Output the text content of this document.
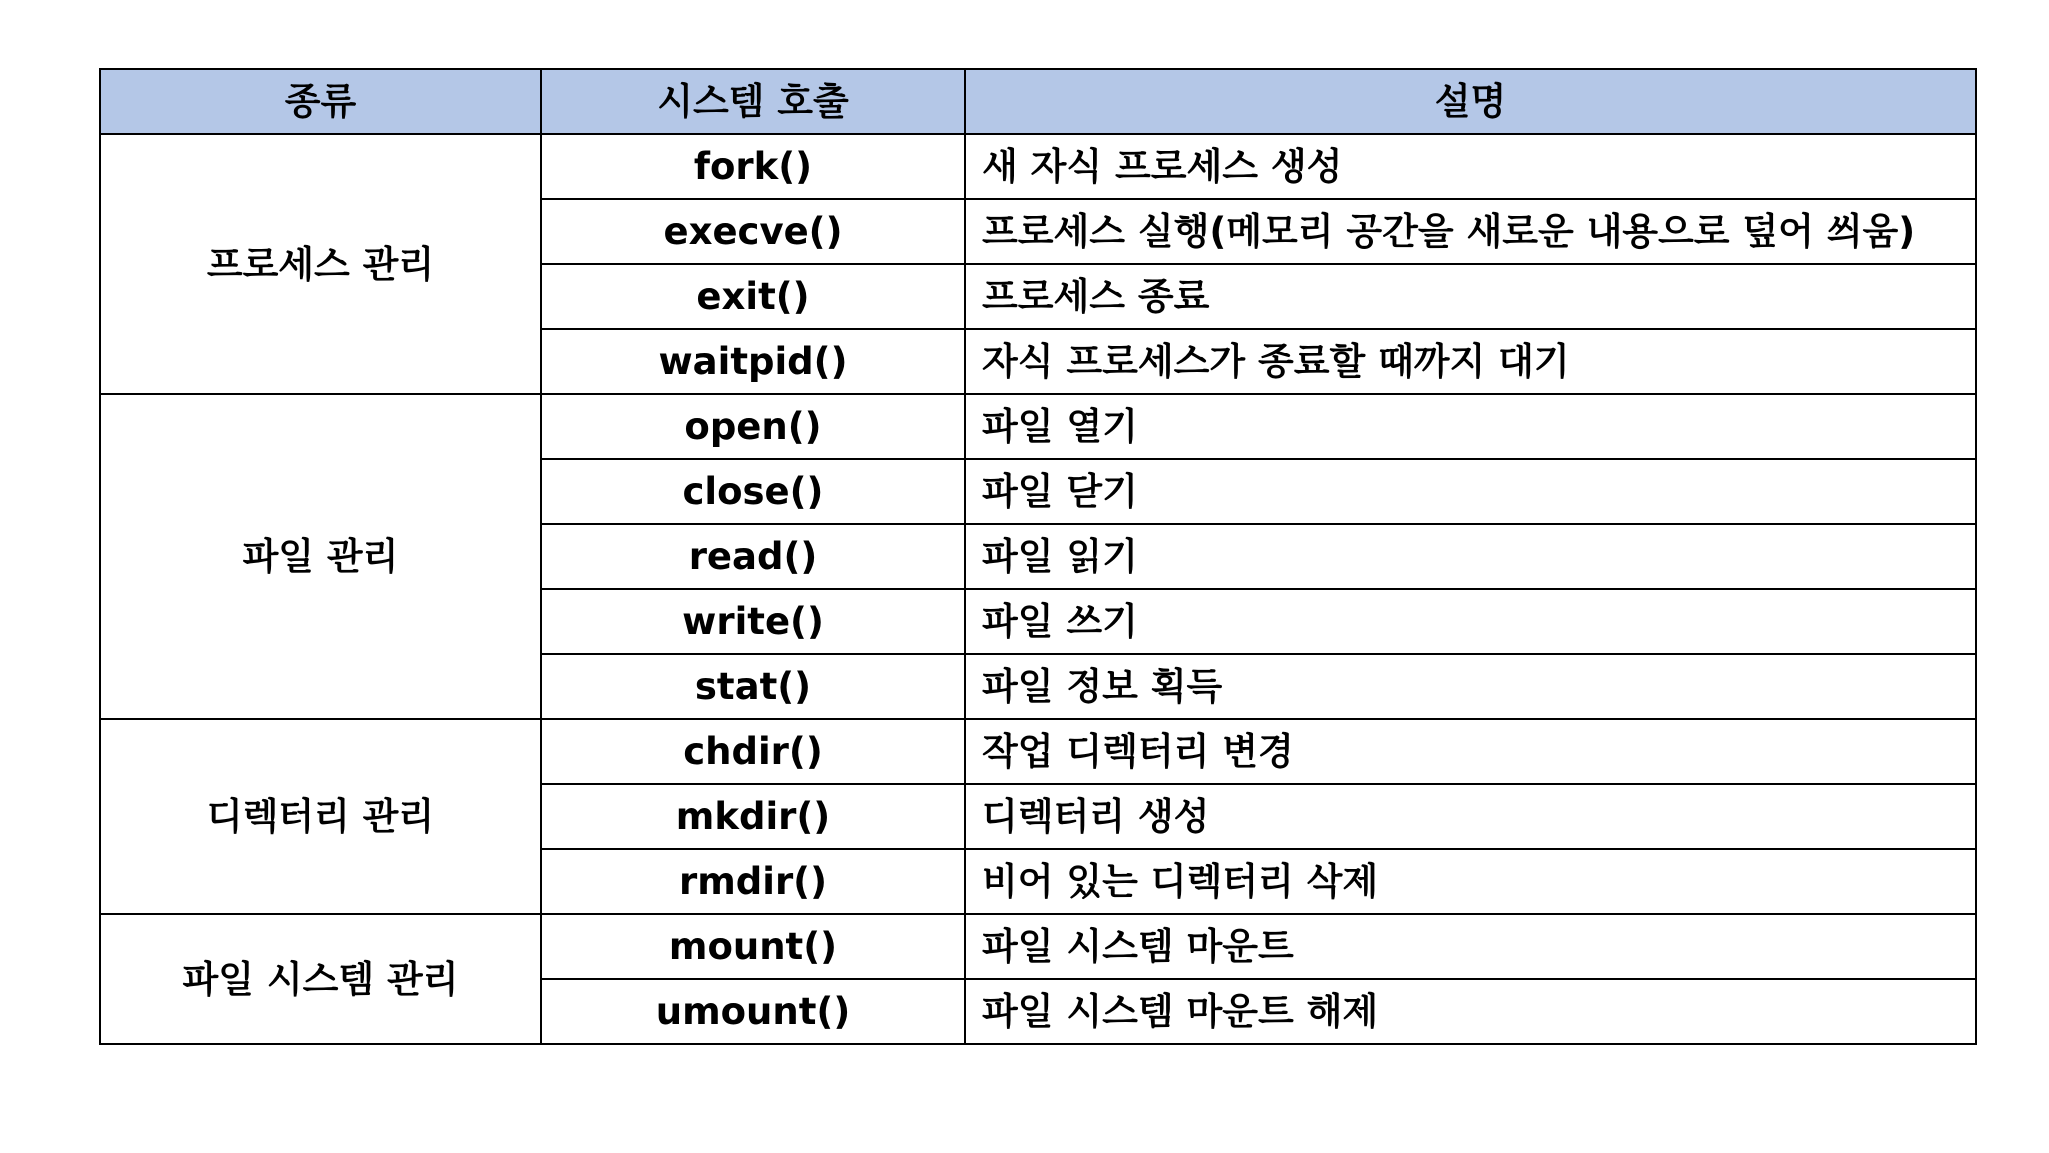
종류	시스템 호출	설명
프로세스 관리	fork()	새 자식 프로세스 생성
	execve()	프로세스 실행(메모리 공간을 새로운 내용으로 덮어 씌움)
	exit()	프로세스 종료
	waitpid()	자식 프로세스가 종료할 때까지 대기
파일 관리	open()	파일 열기
	close()	파일 닫기
	read()	파일 읽기
	write()	파일 쓰기
	stat()	파일 정보 획득
디렉터리 관리	chdir()	작업 디렉터리 변경
	mkdir()	디렉터리 생성
	rmdir()	비어 있는 디렉터리 삭제
파일 시스템 관리	mount()	파일 시스템 마운트
	umount()	파일 시스템 마운트 해제
